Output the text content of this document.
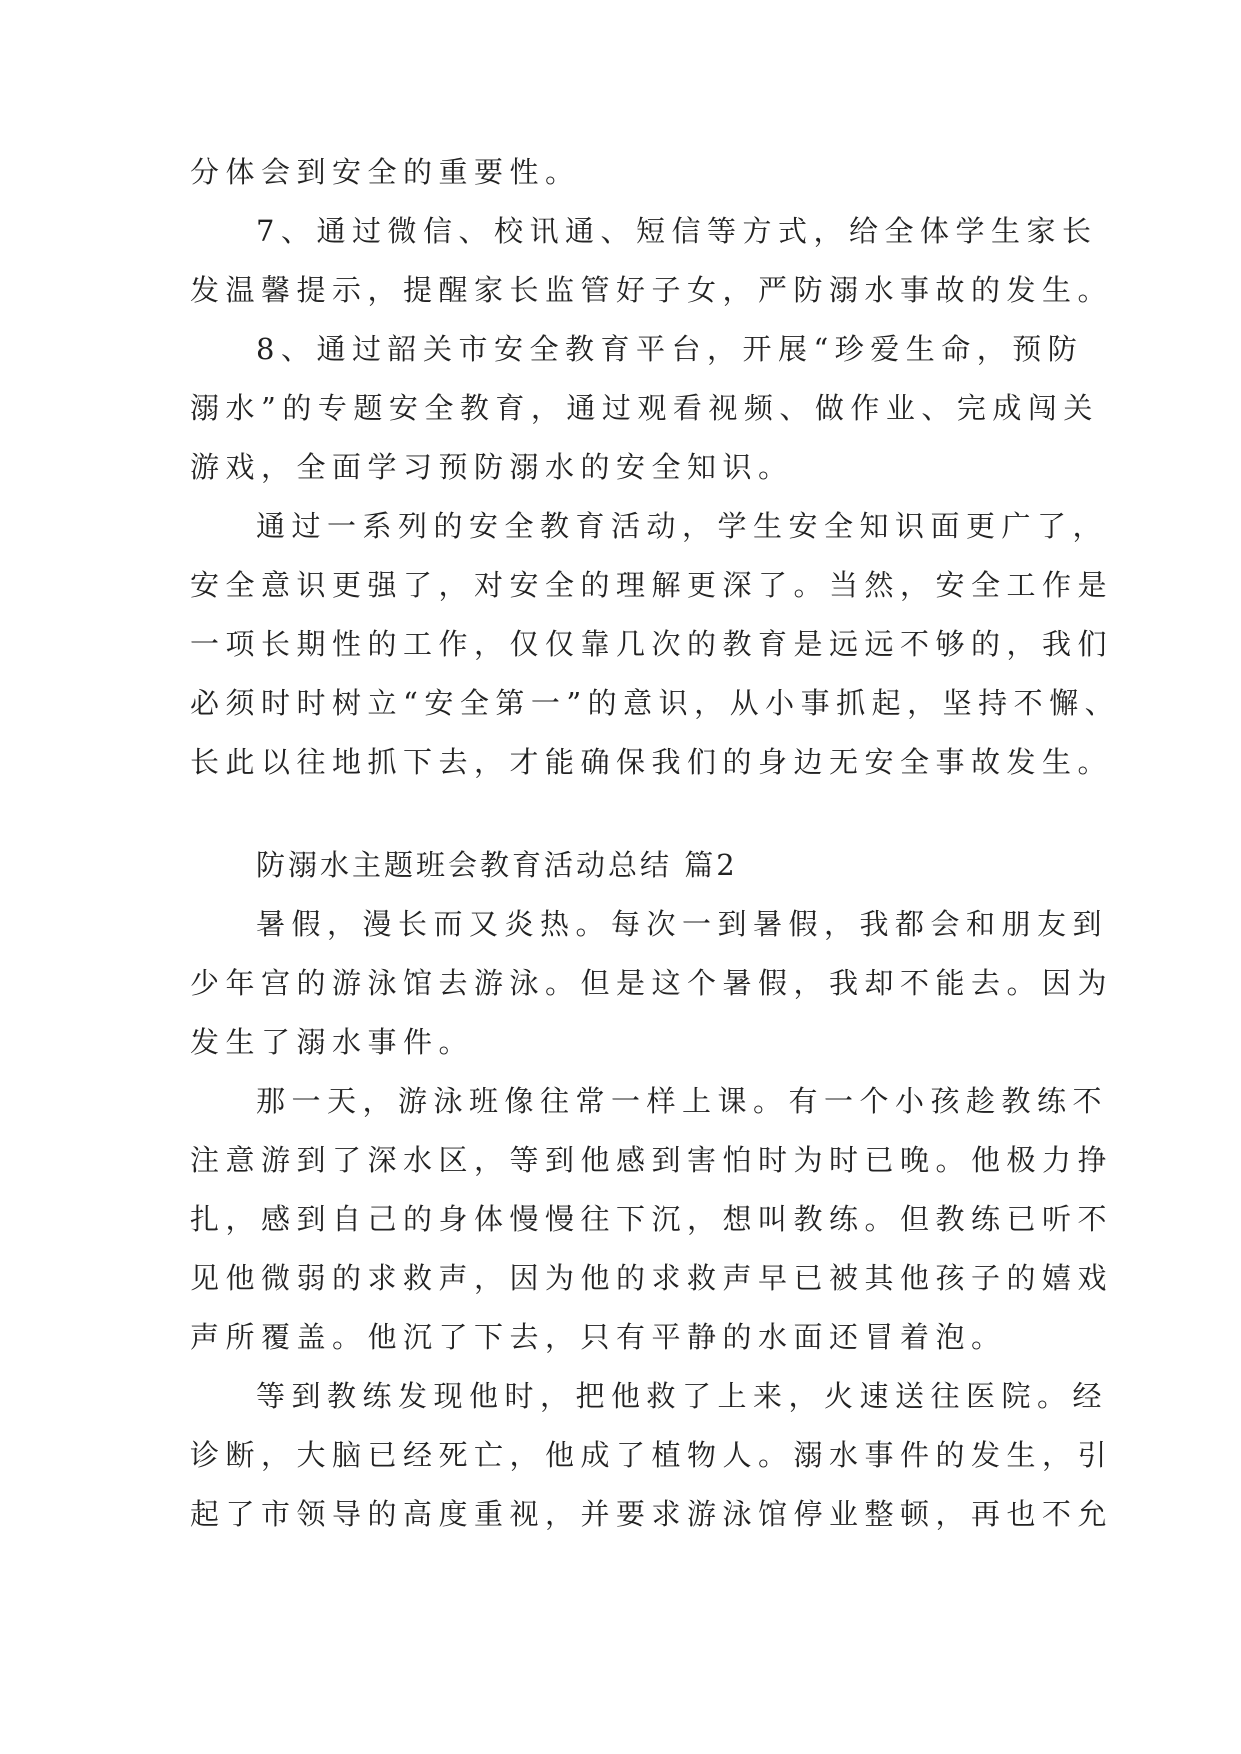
分体会到安全的重要性。
7、通过微信、校讯通、短信等方式，给全体学生家长
发温馨提示，提醒家长监管好子女，严防溺水事故的发生。
8、通过韶关市安全教育平台，开展“珍爱生命，预防
溺水”的专题安全教育，通过观看视频、做作业、完成闯关
游戏，全面学习预防溺水的安全知识。
通过一系列的安全教育活动，学生安全知识面更广了，
安全意识更强了，对安全的理解更深了。当然，安全工作是
一项长期性的工作，仅仅靠几次的教育是远远不够的，我们
必须时时树立“安全第一”的意识，从小事抓起，坚持不懈、
长此以往地抓下去，才能确保我们的身边无安全事故发生。
防溺水主题班会教育活动总结 篇2
暑假，漫长而又炎热。每次一到暑假，我都会和朋友到
少年宫的游泳馆去游泳。但是这个暑假，我却不能去。因为
发生了溺水事件。
那一天，游泳班像往常一样上课。有一个小孩趁教练不
注意游到了深水区，等到他感到害怕时为时已晚。他极力挣
扎，感到自己的身体慢慢往下沉，想叫教练。但教练已听不
见他微弱的求救声，因为他的求救声早已被其他孩子的嬉戏
声所覆盖。他沉了下去，只有平静的水面还冒着泡。
等到教练发现他时，把他救了上来，火速送往医院。经
诊断，大脑已经死亡，他成了植物人。溺水事件的发生，引
起了市领导的高度重视，并要求游泳馆停业整顿，再也不允
